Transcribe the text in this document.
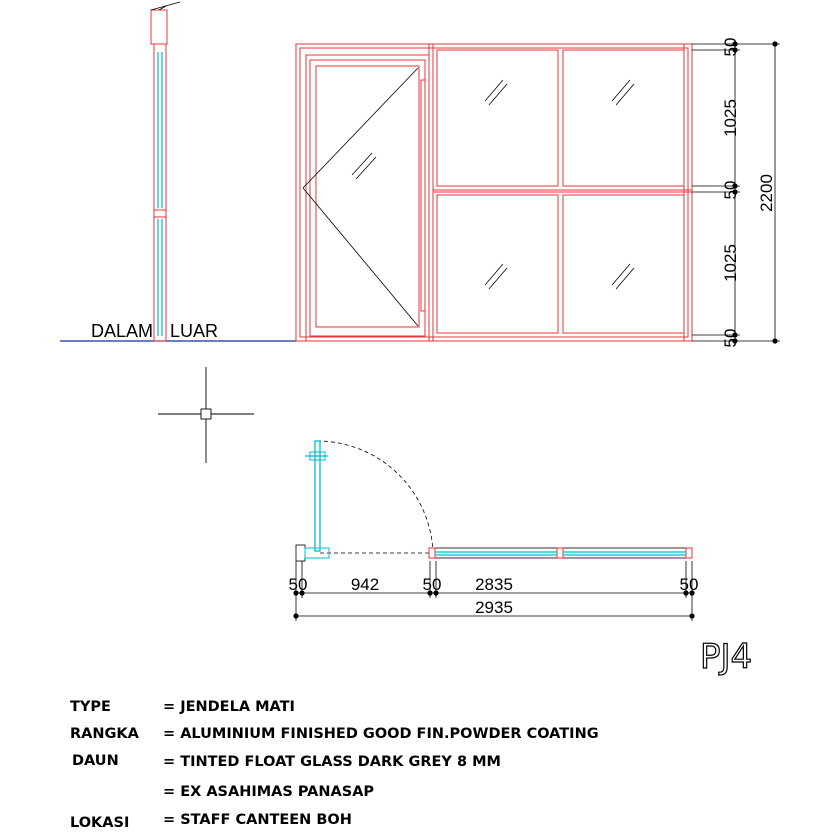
DALAM LUAR
50
1025
50
1025
50
2200
50	942	50 2835	50
2935
PJ4
TYPE	= JENDELA MATI
RANGKA = ALUMINIUM FINISHED GOOD FIN.POWDER COATING
DAUN	= TINTED FLOAT GLASS DARK GREY 8 MM
= EX ASAHIMAS PANASAP
LOKASI = STAFF CANTEEN BOH
